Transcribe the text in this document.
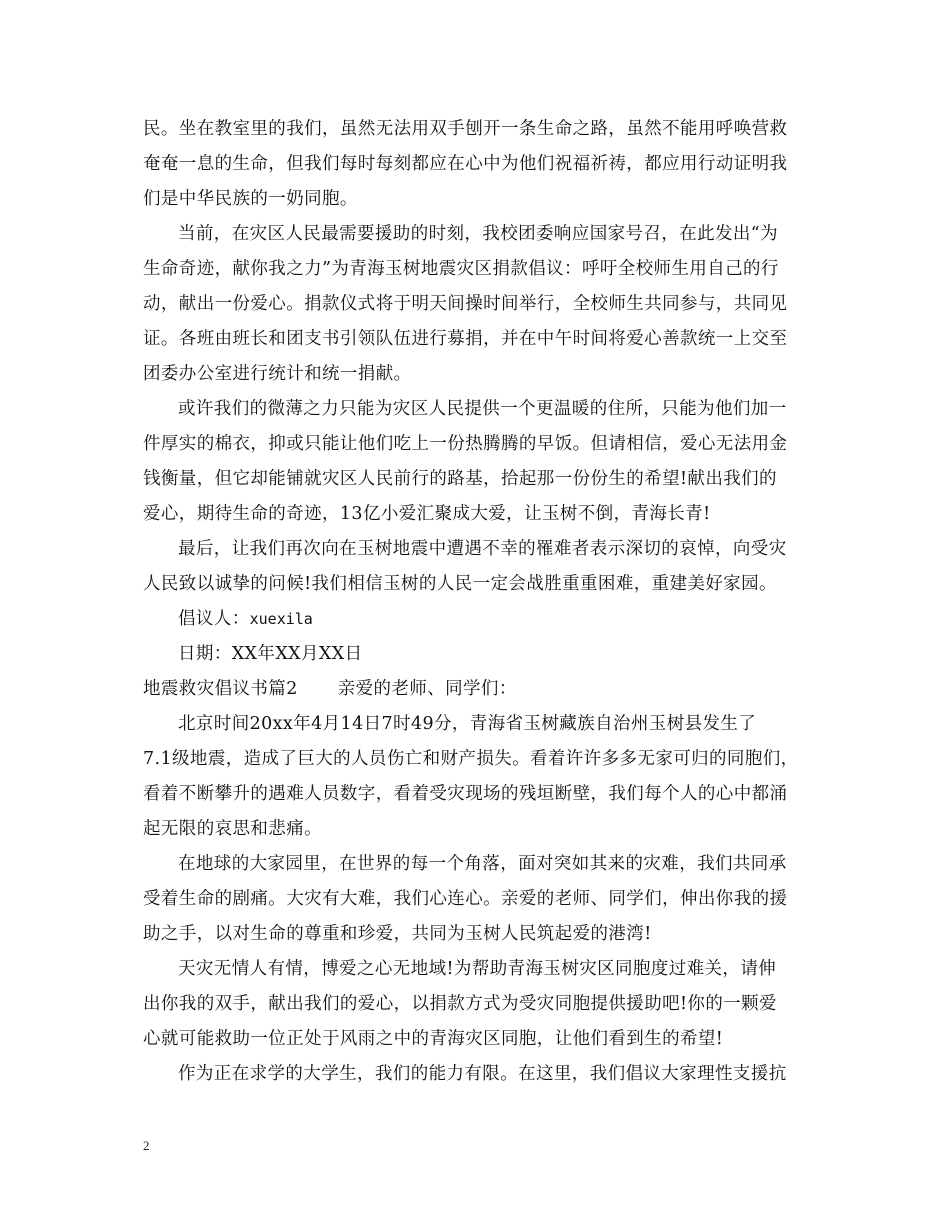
民。坐在教室里的我们，虽然无法用双手刨开一条生命之路，虽然不能用呼唤营救
奄奄一息的生命，但我们每时每刻都应在心中为他们祝福祈祷，都应用行动证明我
们是中华民族的一奶同胞。
当前，在灾区人民最需要援助的时刻，我校团委响应国家号召，在此发出“为
生命奇迹，献你我之力”为青海玉树地震灾区捐款倡议：呼吁全校师生用自己的行
动，献出一份爱心。捐款仪式将于明天间操时间举行，全校师生共同参与，共同见
证。各班由班长和团支书引领队伍进行募捐，并在中午时间将爱心善款统一上交至
团委办公室进行统计和统一捐献。
或许我们的微薄之力只能为灾区人民提供一个更温暖的住所，只能为他们加一
件厚实的棉衣，抑或只能让他们吃上一份热腾腾的早饭。但请相信，爱心无法用金
钱衡量，但它却能铺就灾区人民前行的路基，拾起那一份份生的希望!献出我们的
爱心，期待生命的奇迹，13亿小爱汇聚成大爱，让玉树不倒，青海长青!
最后，让我们再次向在玉树地震中遭遇不幸的罹难者表示深切的哀悼，向受灾
人民致以诚挚的问候!我们相信玉树的人民一定会战胜重重困难，重建美好家园。
倡议人：xuexila
日期：XX年XX月XX日
地震救灾倡议书篇2 亲爱的老师、同学们：
北京时间20xx年4月14日7时49分，青海省玉树藏族自治州玉树县发生了
7.1级地震，造成了巨大的人员伤亡和财产损失。看着许许多多无家可归的同胞们，
看着不断攀升的遇难人员数字，看着受灾现场的残垣断壁，我们每个人的心中都涌
起无限的哀思和悲痛。
在地球的大家园里，在世界的每一个角落，面对突如其来的灾难，我们共同承
受着生命的剧痛。大灾有大难，我们心连心。亲爱的老师、同学们，伸出你我的援
助之手，以对生命的尊重和珍爱，共同为玉树人民筑起爱的港湾!
天灾无情人有情，博爱之心无地域!为帮助青海玉树灾区同胞度过难关，请伸
出你我的双手，献出我们的爱心，以捐款方式为受灾同胞提供援助吧!你的一颗爱
心就可能救助一位正处于风雨之中的青海灾区同胞，让他们看到生的希望!
作为正在求学的大学生，我们的能力有限。在这里，我们倡议大家理性支援抗
2
